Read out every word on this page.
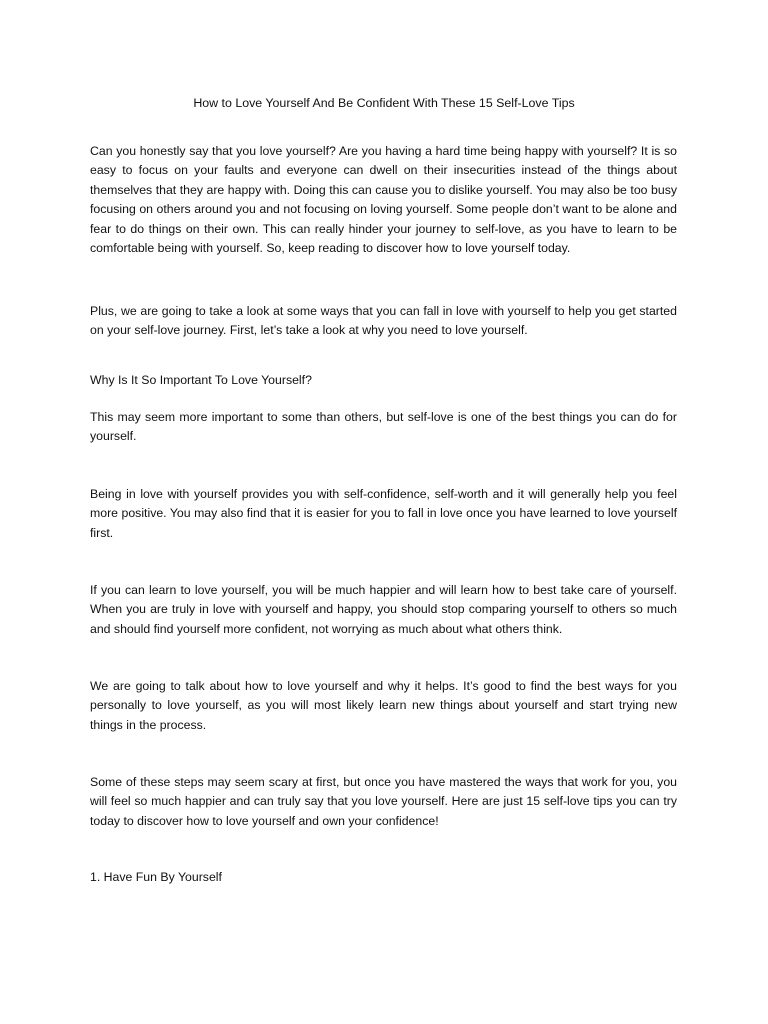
How to Love Yourself And Be Confident With These 15 Self-Love Tips

Can you honestly say that you love yourself? Are you having a hard time being happy with yourself? It is so easy to focus on your faults and everyone can dwell on their insecurities instead of the things about themselves that they are happy with. Doing this can cause you to dislike yourself. You may also be too busy focusing on others around you and not focusing on loving yourself. Some people don’t want to be alone and fear to do things on their own. This can really hinder your journey to self-love, as you have to learn to be comfortable being with yourself. So, keep reading to discover how to love yourself today.

Plus, we are going to take a look at some ways that you can fall in love with yourself to help you get started on your self-love journey. First, let’s take a look at why you need to love yourself.

Why Is It So Important To Love Yourself?

This may seem more important to some than others, but self-love is one of the best things you can do for yourself.

Being in love with yourself provides you with self-confidence, self-worth and it will generally help you feel more positive. You may also find that it is easier for you to fall in love once you have learned to love yourself first.

If you can learn to love yourself, you will be much happier and will learn how to best take care of yourself. When you are truly in love with yourself and happy, you should stop comparing yourself to others so much and should find yourself more confident, not worrying as much about what others think.

We are going to talk about how to love yourself and why it helps. It’s good to find the best ways for you personally to love yourself, as you will most likely learn new things about yourself and start trying new things in the process.

Some of these steps may seem scary at first, but once you have mastered the ways that work for you, you will feel so much happier and can truly say that you love yourself. Here are just 15 self-love tips you can try today to discover how to love yourself and own your confidence!

1. Have Fun By Yourself
